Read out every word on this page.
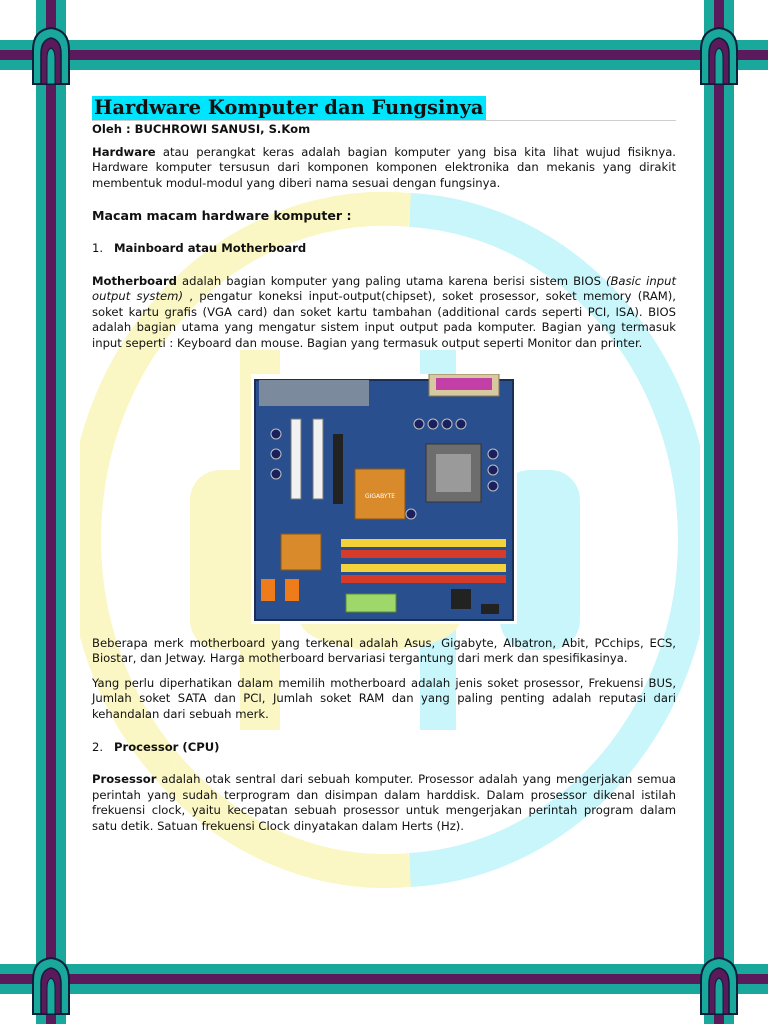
Hardware Komputer dan Fungsinya
Oleh : BUCHROWI SANUSI, S.Kom

Hardware atau perangkat keras adalah bagian komputer yang bisa kita lihat wujud fisiknya. Hardware komputer tersusun dari komponen komponen elektronika dan mekanis yang dirakit membentuk modul-modul yang diberi nama sesuai dengan fungsinya.

Macam macam hardware komputer :
1. Mainboard atau Motherboard

Motherboard adalah bagian komputer yang paling utama karena berisi sistem BIOS (Basic input output system) , pengatur koneksi input-output(chipset), soket prosessor, soket memory (RAM), soket kartu grafis (VGA card) dan soket kartu tambahan (additional cards seperti PCI, ISA). BIOS adalah bagian utama yang mengatur sistem input output pada komputer. Bagian yang termasuk input seperti : Keyboard dan mouse. Bagian yang termasuk output seperti Monitor dan printer.

GIGABYTE

Beberapa merk motherboard yang terkenal adalah Asus, Gigabyte, Albatron, Abit, PCchips, ECS, Biostar, dan Jetway. Harga motherboard bervariasi tergantung dari merk dan spesifikasinya.

Yang perlu diperhatikan dalam memilih motherboard adalah jenis soket prosessor, Frekuensi BUS, Jumlah soket SATA dan PCI, Jumlah soket RAM dan yang paling penting adalah reputasi dari kehandalan dari sebuah merk.

2. Processor (CPU)

Prosessor adalah otak sentral dari sebuah komputer. Prosessor adalah yang mengerjakan semua perintah yang sudah terprogram dan disimpan dalam harddisk. Dalam prosessor dikenal istilah frekuensi clock, yaitu kecepatan sebuah prosessor untuk mengerjakan perintah program dalam satu detik. Satuan frekuensi Clock dinyatakan dalam Herts (Hz).
